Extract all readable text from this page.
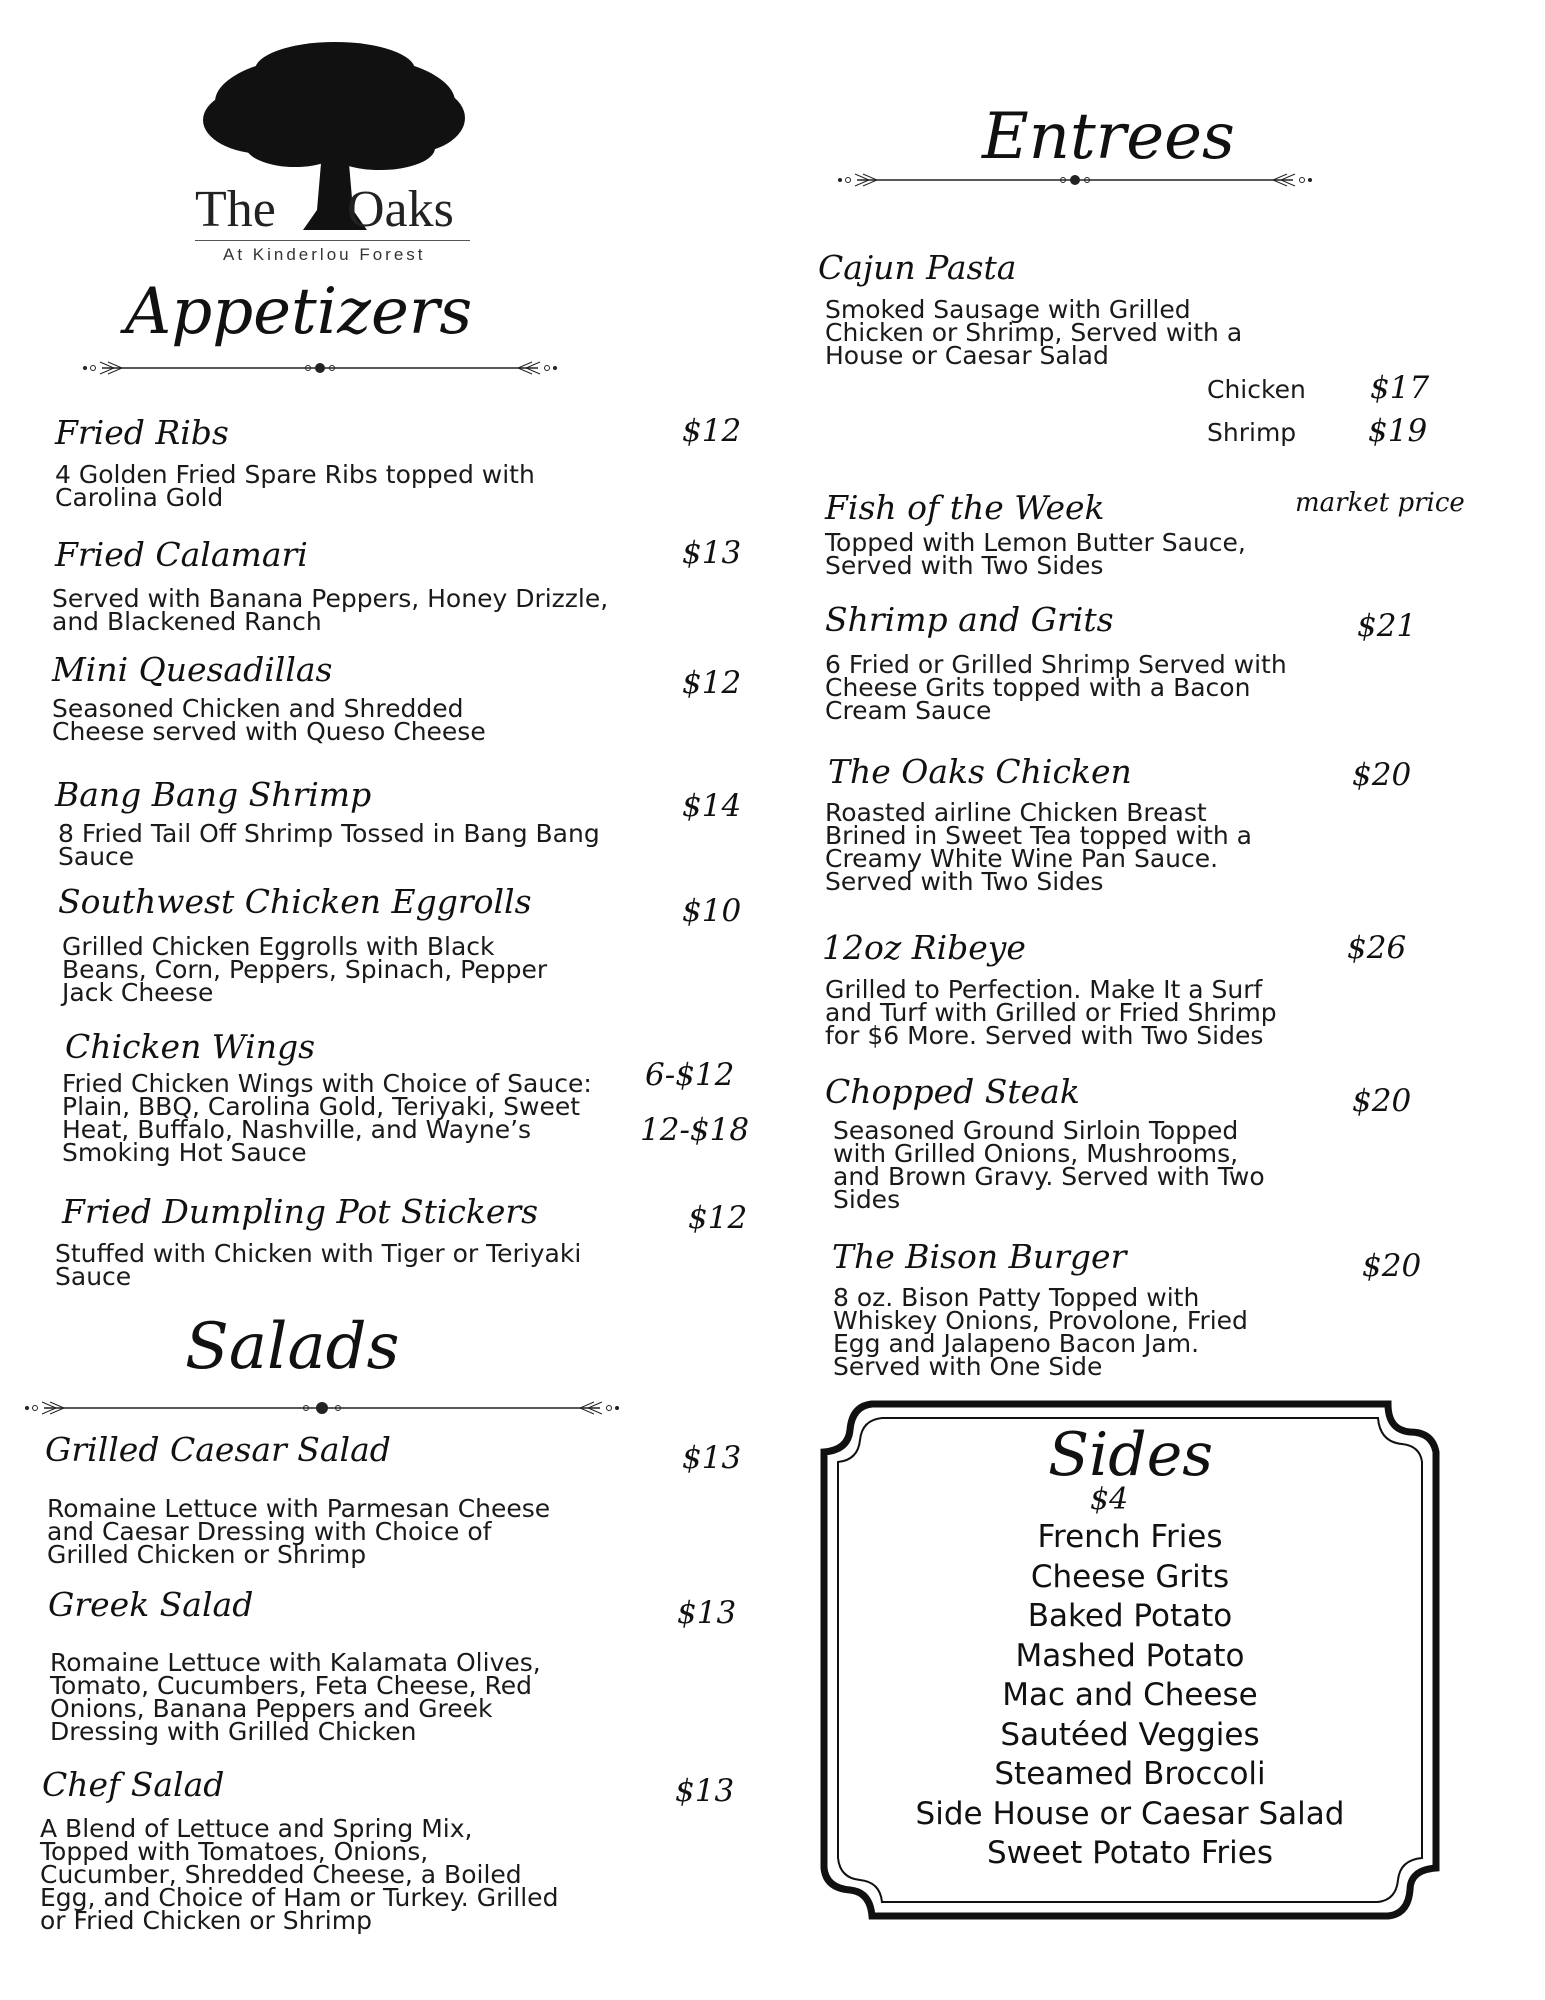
The Oaks
At Kinderlou Forest
Appetizers
Fried Ribs	$12
4 Golden Fried Spare Ribs topped with
Carolina Gold
Fried Calamari	$13
Served with Banana Peppers, Honey Drizzle,
and Blackened Ranch
Mini Quesadillas	$12
Seasoned Chicken and Shredded
Cheese served with Queso Cheese
Bang Bang Shrimp	$14
8 Fried Tail Off Shrimp Tossed in Bang Bang
Sauce
Southwest Chicken Eggrolls	$10
Grilled Chicken Eggrolls with Black
Beans, Corn, Peppers, Spinach, Pepper
Jack Cheese
Chicken Wings
6-$12
12-$18
Fried Chicken Wings with Choice of Sauce:
Plain, BBQ, Carolina Gold, Teriyaki, Sweet
Heat, Buffalo, Nashville, and Wayne’s
Smoking Hot Sauce
Fried Dumpling Pot Stickers	$12
Stuffed with Chicken with Tiger or Teriyaki
Sauce
Salads
Grilled Caesar Salad	$13
Romaine Lettuce with Parmesan Cheese
and Caesar Dressing with Choice of
Grilled Chicken or Shrimp
Greek Salad	$13
Romaine Lettuce with Kalamata Olives,
Tomato, Cucumbers, Feta Cheese, Red
Onions, Banana Peppers and Greek
Dressing with Grilled Chicken
Chef Salad	$13
A Blend of Lettuce and Spring Mix,
Topped with Tomatoes, Onions,
Cucumber, Shredded Cheese, a Boiled
Egg, and Choice of Ham or Turkey. Grilled
or Fried Chicken or Shrimp
Entrees
Cajun Pasta
Smoked Sausage with Grilled
Chicken or Shrimp, Served with a
House or Caesar Salad
Chicken $17
Shrimp $19
Fish of the Week	market price
Topped with Lemon Butter Sauce,
Served with Two Sides
Shrimp and Grits	$21
6 Fried or Grilled Shrimp Served with
Cheese Grits topped with a Bacon
Cream Sauce
The Oaks Chicken	$20
Roasted airline Chicken Breast
Brined in Sweet Tea topped with a
Creamy White Wine Pan Sauce.
Served with Two Sides
12oz Ribeye	$26
Grilled to Perfection. Make It a Surf
and Turf with Grilled or Fried Shrimp
for $6 More. Served with Two Sides
Chopped Steak	$20
Seasoned Ground Sirloin Topped
with Grilled Onions, Mushrooms,
and Brown Gravy. Served with Two
Sides
The Bison Burger	$20
8 oz. Bison Patty Topped with
Whiskey Onions, Provolone, Fried
Egg and Jalapeno Bacon Jam.
Served with One Side
Sides
$4
French Fries
Cheese Grits
Baked Potato
Mashed Potato
Mac and Cheese
Sautéed Veggies
Steamed Broccoli
Side House or Caesar Salad
Sweet Potato Fries
